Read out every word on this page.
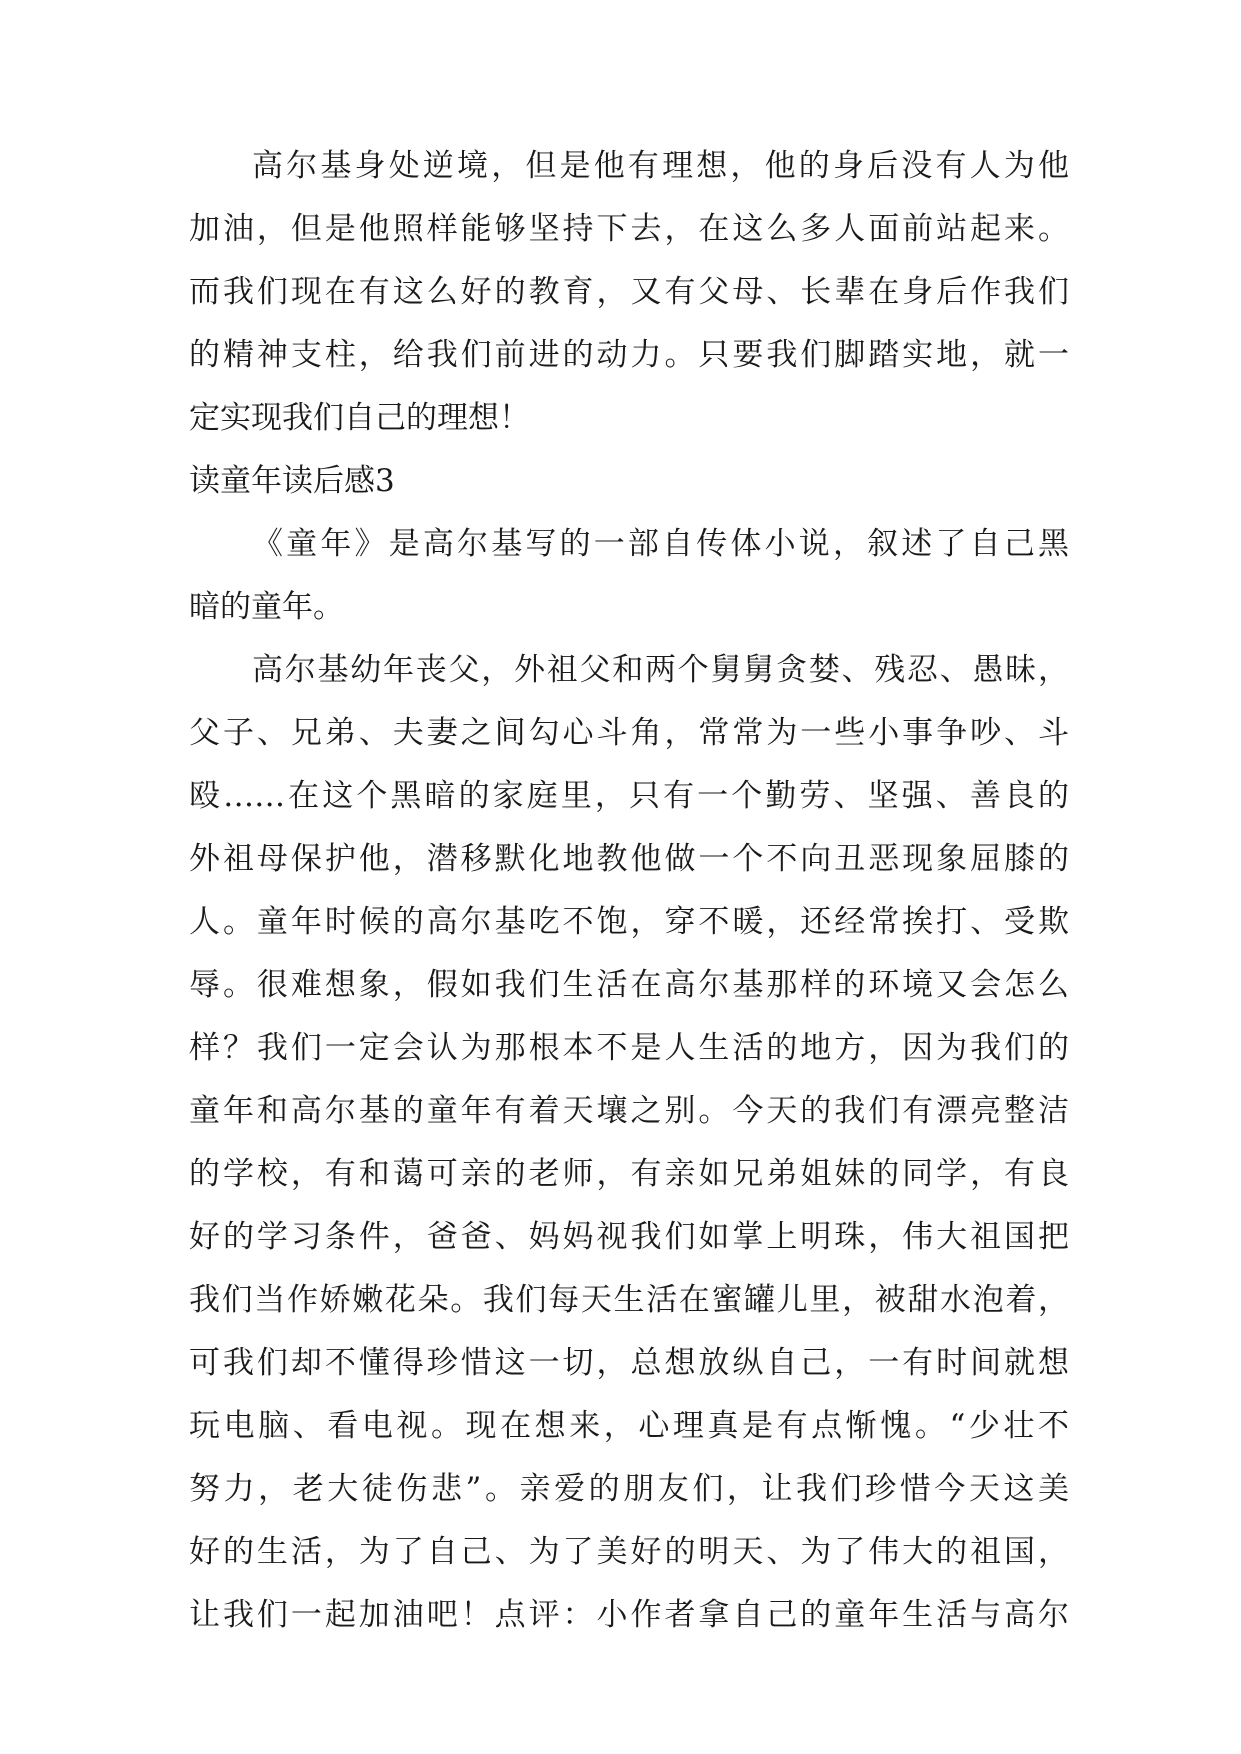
高尔基身处逆境，但是他有理想，他的身后没有人为他
加油，但是他照样能够坚持下去，在这么多人面前站起来。
而我们现在有这么好的教育，又有父母、长辈在身后作我们
的精神支柱，给我们前进的动力。只要我们脚踏实地，就一
定实现我们自己的理想！
读童年读后感3
《童年》是高尔基写的一部自传体小说，叙述了自己黑
暗的童年。
高尔基幼年丧父，外祖父和两个舅舅贪婪、残忍、愚昧，
父子、兄弟、夫妻之间勾心斗角，常常为一些小事争吵、斗
殴……在这个黑暗的家庭里，只有一个勤劳、坚强、善良的
外祖母保护他，潜移默化地教他做一个不向丑恶现象屈膝的
人。童年时候的高尔基吃不饱，穿不暖，还经常挨打、受欺
辱。很难想象，假如我们生活在高尔基那样的环境又会怎么
样？我们一定会认为那根本不是人生活的地方，因为我们的
童年和高尔基的童年有着天壤之别。今天的我们有漂亮整洁
的学校，有和蔼可亲的老师，有亲如兄弟姐妹的同学，有良
好的学习条件，爸爸、妈妈视我们如掌上明珠，伟大祖国把
我们当作娇嫩花朵。我们每天生活在蜜罐儿里，被甜水泡着，
可我们却不懂得珍惜这一切，总想放纵自己，一有时间就想
玩电脑、看电视。现在想来，心理真是有点惭愧。“少壮不
努力，老大徒伤悲”。亲爱的朋友们，让我们珍惜今天这美
好的生活，为了自己、为了美好的明天、为了伟大的祖国，
让我们一起加油吧！点评：小作者拿自己的童年生活与高尔
